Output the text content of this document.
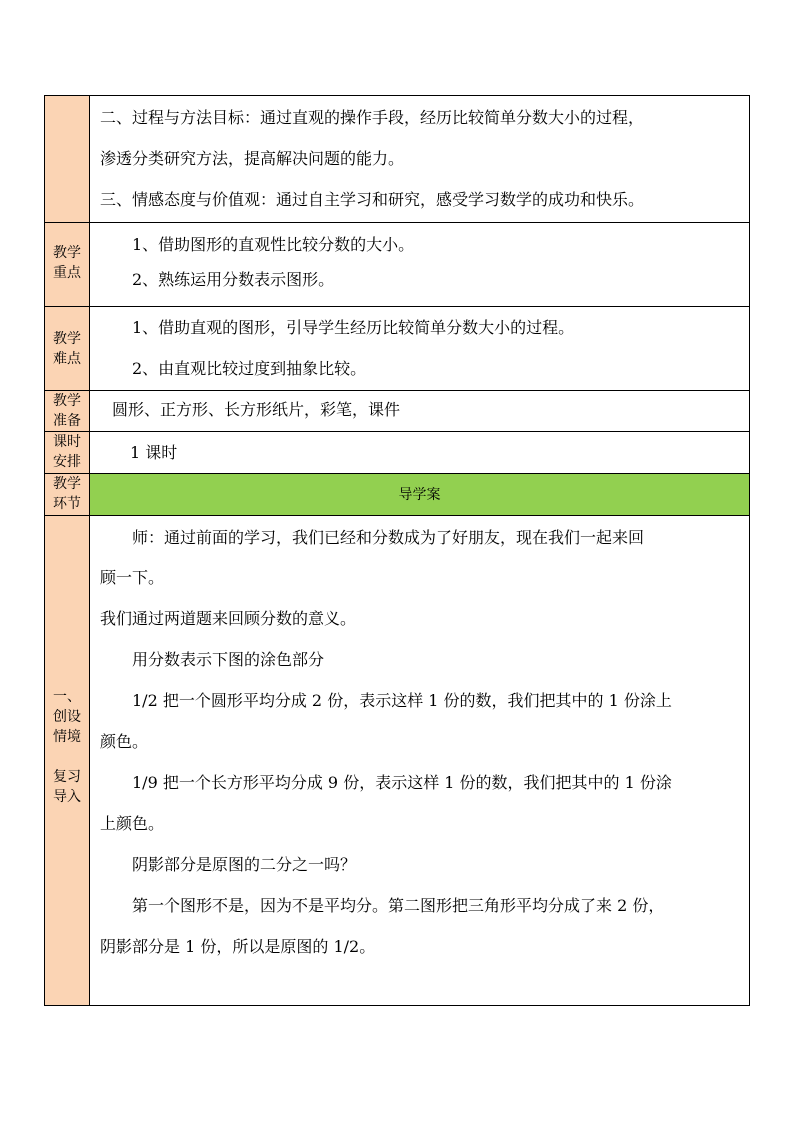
二、过程与方法目标：通过直观的操作手段，经历比较简单分数大小的过程，
渗透分类研究方法，提高解决问题的能力。
三、情感态度与价值观：通过自主学习和研究，感受学习数学的成功和快乐。
教学
重点
1、借助图形的直观性比较分数的大小。
2、熟练运用分数表示图形。
教学
难点
1、借助直观的图形，引导学生经历比较简单分数大小的过程。
2、由直观比较过度到抽象比较。
教学
准备
圆形、正方形、长方形纸片，彩笔，课件
课时
安排	1 课时
教学
环节
导学案
一、
创设
情境
复习
导入
师：通过前面的学习，我们已经和分数成为了好朋友，现在我们一起来回
顾一下。
我们通过两道题来回顾分数的意义。
用分数表示下图的涂色部分
1/2 把一个圆形平均分成 2 份，表示这样 1 份的数，我们把其中的 1 份涂上
颜色。
1/9 把一个长方形平均分成 9 份，表示这样 1 份的数，我们把其中的 1 份涂
上颜色。
阴影部分是原图的二分之一吗？
第一个图形不是，因为不是平均分。第二图形把三角形平均分成了来 2 份，
阴影部分是 1 份，所以是原图的 1/2。
